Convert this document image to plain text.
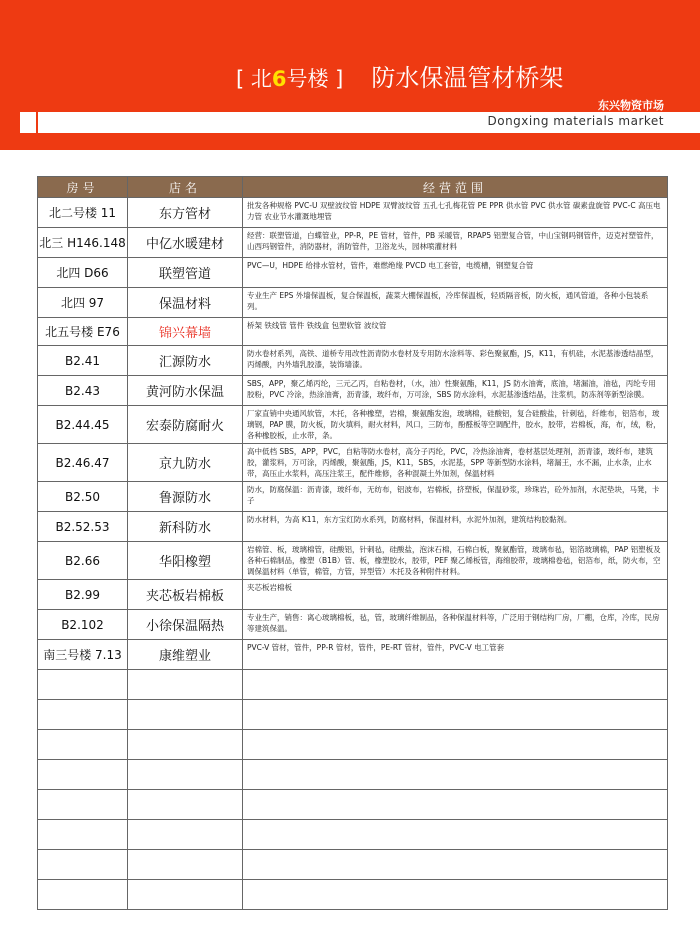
[ 北6号楼 ] 防水保温管材桥架
东兴物资市场
Dongxing materials market
房号	店名	经营范围
北二号楼 11	东方管材	批发各种规格 PVC-U 双壁波纹管 HDPE 双臂波纹管 五孔七孔梅花管 PE PPR 供水管 PVC 供水管 碳素盘旋管 PVC-C 高压电力管 农业节水灌溉地埋管
北三 H146.148	中亿水暖建材	经营：联塑管道，白蝶管业，PP-R，PE 管材，管件，PB 采暖管，RPAP5 铝塑复合管，中山宝钢吗钢管件，迈克衬塑管件，山西玛钢管件，消防器材，消防管件，卫浴龙头，园林喷灌材料
北四 D66	联塑管道	PVC—U，HDPE 给排水管材，管件，难燃绝缘 PVCD 电工套管，电缆槽，钢塑复合管
北四 97	保温材料	专业生产 EPS 外墙保温板，复合保温板，蔬菜大棚保温板，冷库保温板，轻质隔音板，防火板，通风管道，各种小包装系列。
北五号楼 E76	锦兴幕墙	桥架 铁线管 管件 铁线盒 包塑软管 波纹管
B2.41	汇源防水	防水卷材系列，高铁、道桥专用改性沥青防水卷材及专用防水涂料等、彩色聚氨酯，JS，K11，有机硅，水泥基渗透结晶型，丙烯酸，内外墙乳胶漆，装饰墙漆。
B2.43	黄河防水保温	SBS，APP，聚乙烯丙纶，三元乙丙，自粘卷材，（水，油）性聚氨酯，K11，JS 防水油膏，底油，堵漏油，油毡，丙纶专用胶粉，PVC 冷涂，热涂油膏，沥青漆，玻纤布，万可涂，SBS 防水涂料，水泥基渗透结晶，注浆机，防冻剂等新型涂膜。
B2.44.45	宏泰防腐耐火	厂家直销中央通风软管，木托，各种橡塑，岩棉，聚氨酯发泡，玻璃棉，硅酸铝，复合硅酸盐，针刺毡，纤维布，铝箔布，玻璃钢，PAP 膜，防火板，防火填料，耐火材料，风口，三防布，酚醛板等空调配件，胶水，胶带，岩棉板，海，布，绒，粉，各种橡胶板，止水带，条。
B2.46.47	京九防水	高中低档 SBS，APP，PVC，自粘等防水卷材，高分子丙纶，PVC，冷热涂油膏，卷材基层处理剂，沥青漆，玻纤布，建筑胶，灌浆料，万可涂，丙烯酸，聚氨酯，JS，K11，SBS，水泥基，SPP 等新型防水涂料，堵漏王，水不漏，止水条，止水带，高压止水浆料，高压注浆王，配件维修，各种混凝土外加剂，保温材料
B2.50	鲁源防水	防水，防腐保温：沥青漆，玻纤布，无纺布，铝波布，岩棉板，挤塑板，保温砂浆，珍珠岩，砼外加剂，水泥垫块，马凳，卡子
B2.52.53	新科防水	防水材料，为高 K11，东方宝红防水系列，防腐材料，保温材料，水泥外加剂，建筑结构胶黏剂。
B2.66	华阳橡塑	岩棉管、板，玻璃棉管，硅酸铝，针刺毡，硅酸盐，泡沫石棉，石棉白板，聚氨酯管，玻璃布毡，铝箔玻璃棉，PAP 铝塑板及各种石棉制品，橡塑（B1B）管、板，橡塑胶水，胶带，PEF 聚乙烯板管，海绵胶带，玻璃棉卷毡，铝箔布，纸，防火布，空调保温材料（单管，棉管，方管，异型管）木托及各种附件材料。
B2.99	夹芯板岩棉板	夹芯板岩棉板
B2.102	小徐保温隔热	专业生产，销售：离心玻璃棉板，毡，管，玻璃纤维制品，各种保温材料等，广泛用于钢结构厂房，厂棚，仓库，冷库，民房等建筑保温。
南三号楼 7.13	康维塑业	PVC-V 管材，管件，PP-R 管材，管件，PE-RT 管材，管件，PVC-V 电工管套
